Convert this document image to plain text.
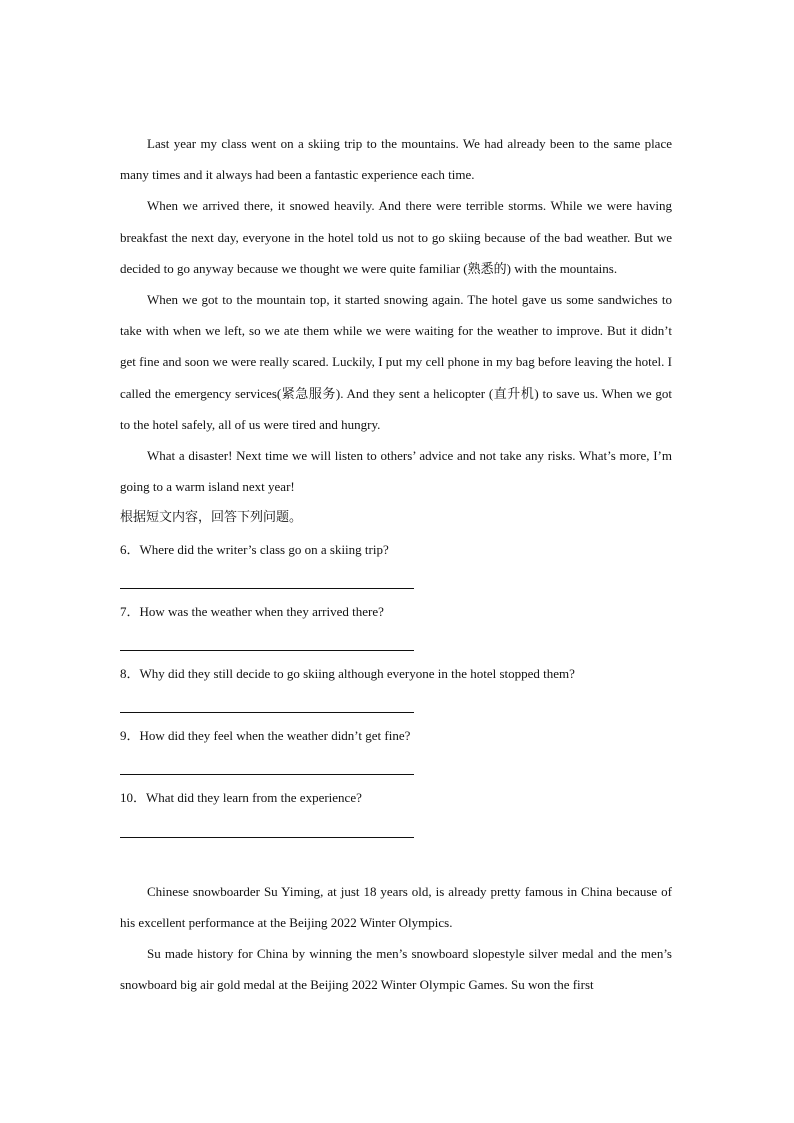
Last year my class went on a skiing trip to the mountains. We had already been to the same place many times and it always had been a fantastic experience each time.

When we arrived there, it snowed heavily. And there were terrible storms. While we were having breakfast the next day, everyone in the hotel told us not to go skiing because of the bad weather. But we decided to go anyway because we thought we were quite familiar (熟悉的) with the mountains.

When we got to the mountain top, it started snowing again. The hotel gave us some sandwiches to take with when we left, so we ate them while we were waiting for the weather to improve. But it didn’t get fine and soon we were really scared. Luckily, I put my cell phone in my bag before leaving the hotel. I called the emergency services(紧急服务). And they sent a helicopter (直升机) to save us. When we got to the hotel safely, all of us were tired and hungry.

What a disaster! Next time we will listen to others’ advice and not take any risks. What’s more, I’m going to a warm island next year!

根据短文内容，回答下列问题。

6．Where did the writer’s class go on a skiing trip?

7．How was the weather when they arrived there?

8．Why did they still decide to go skiing although everyone in the hotel stopped them?

9．How did they feel when the weather didn’t get fine?

10．What did they learn from the experience?

Chinese snowboarder Su Yiming, at just 18 years old, is already pretty famous in China because of his excellent performance at the Beijing 2022 Winter Olympics.

Su made history for China by winning the men’s snowboard slopestyle silver medal and the men’s snowboard big air gold medal at the Beijing 2022 Winter Olympic Games. Su won the first
